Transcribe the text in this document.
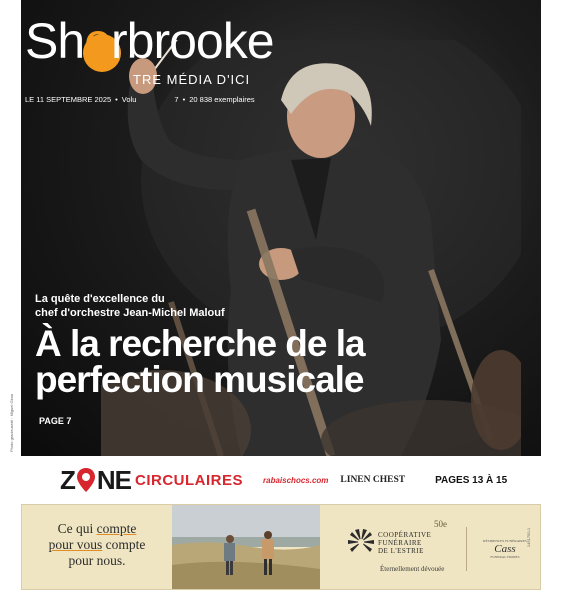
Sherbrooke
TRE MÉDIA D'ICI
LE 11 SEPTEMBRE 2025 • Volu	7 • 20 838 exemplaires
La quête d'excellence du
chef d'orchestre Jean-Michel Malouf
À la recherche de la
perfection musicale
PAGE 7
Photo gracieuseté : Miguel Gima
Z NE CIRCULAIRES	rabaischocs.com LINEN CHEST	PAGES 13 À 15
Ce qui compte
pour vous compte
pour nous.
COOPÉRATIVE
FUNÉRAIRE
DE L'ESTRIE
50e
Éternellement dévouée
RÉSIDENCES FUNÉRAIRES
Cass
FUNERAL HOMES
1451750-1
